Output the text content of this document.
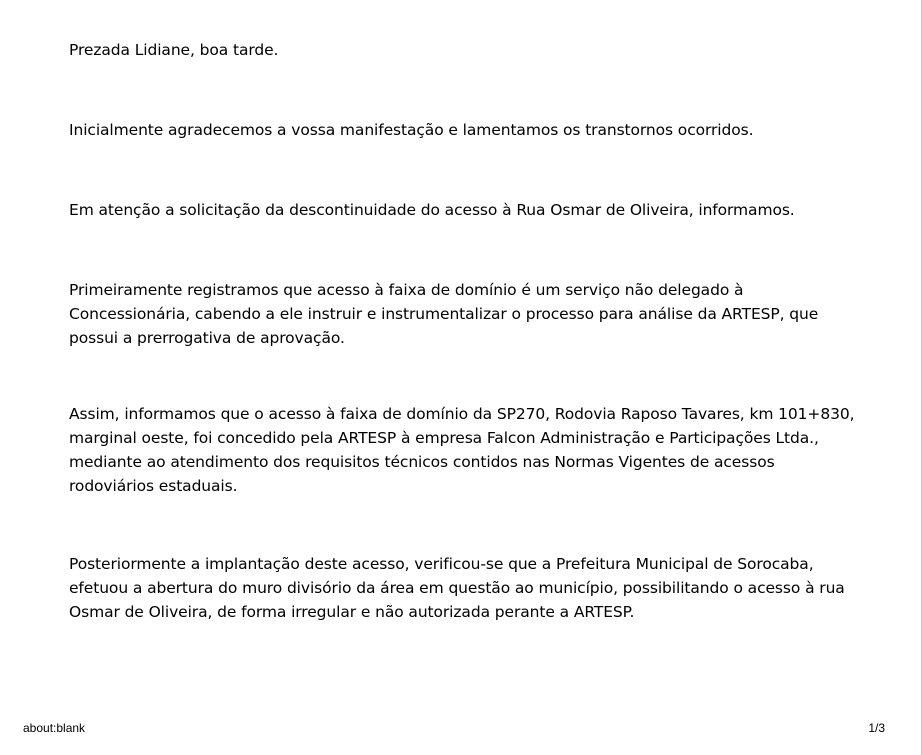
Prezada Lidiane, boa tarde.

Inicialmente agradecemos a vossa manifestação e lamentamos os transtornos ocorridos.

Em atenção a solicitação da descontinuidade do acesso à Rua Osmar de Oliveira, informamos.

Primeiramente registramos que acesso à faixa de domínio é um serviço não delegado à Concessionária, cabendo a ele instruir e instrumentalizar o processo para análise da ARTESP, que possui a prerrogativa de aprovação.

Assim, informamos que o acesso à faixa de domínio da SP270, Rodovia Raposo Tavares, km 101+830, marginal oeste, foi concedido pela ARTESP à empresa Falcon Administração e Participações Ltda., mediante ao atendimento dos requisitos técnicos contidos nas Normas Vigentes de acessos rodoviários estaduais.

Posteriormente a implantação deste acesso, verificou-se que a Prefeitura Municipal de Sorocaba, efetuou a abertura do muro divisório da área em questão ao município, possibilitando o acesso à rua Osmar de Oliveira, de forma irregular e não autorizada perante a ARTESP.

about:blank	1/3
